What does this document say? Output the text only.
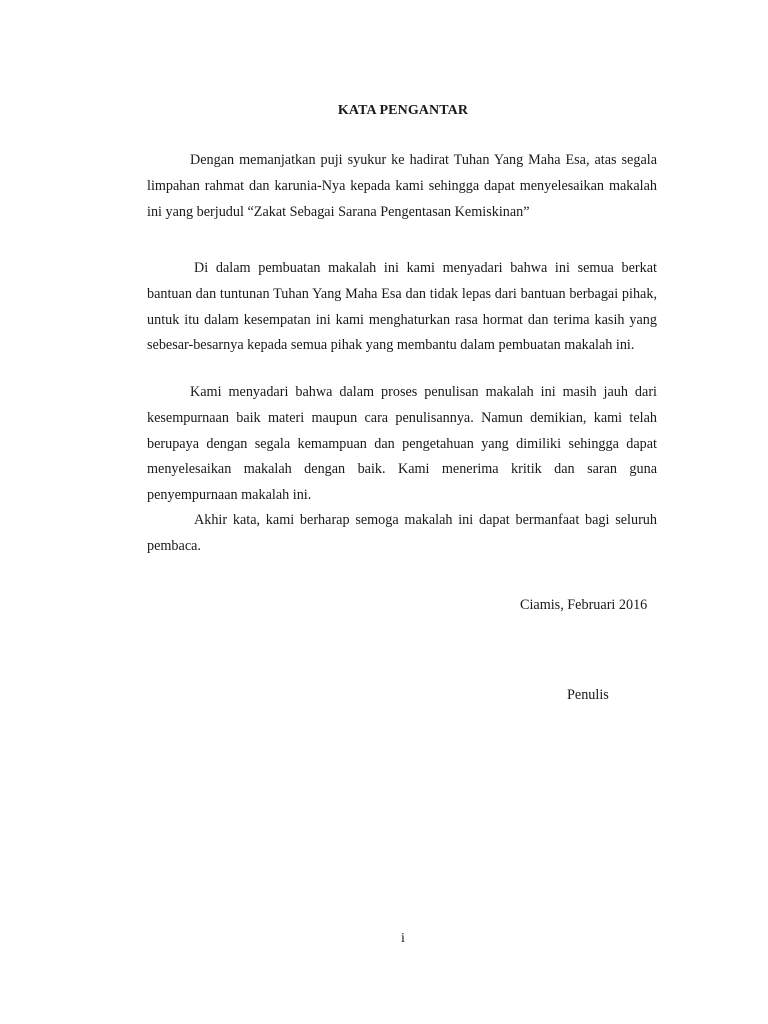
KATA PENGANTAR

Dengan memanjatkan puji syukur ke hadirat Tuhan Yang Maha Esa, atas segala limpahan rahmat dan karunia-Nya kepada kami sehingga dapat menyelesaikan makalah ini yang berjudul “Zakat Sebagai Sarana Pengentasan Kemiskinan”

Di dalam pembuatan makalah ini kami menyadari bahwa ini semua berkat bantuan dan tuntunan Tuhan Yang Maha Esa dan tidak lepas dari bantuan berbagai pihak, untuk itu dalam kesempatan ini kami menghaturkan rasa hormat dan terima kasih yang sebesar-besarnya kepada semua pihak yang membantu dalam pembuatan makalah ini.

Kami menyadari bahwa dalam proses penulisan makalah ini masih jauh dari kesempurnaan baik materi maupun cara penulisannya. Namun demikian, kami telah berupaya dengan segala kemampuan dan pengetahuan yang dimiliki sehingga dapat menyelesaikan makalah dengan baik. Kami menerima kritik dan saran guna penyempurnaan makalah ini.

Akhir kata, kami berharap semoga makalah ini dapat bermanfaat bagi seluruh pembaca.

Ciamis, Februari 2016
Penulis
i
